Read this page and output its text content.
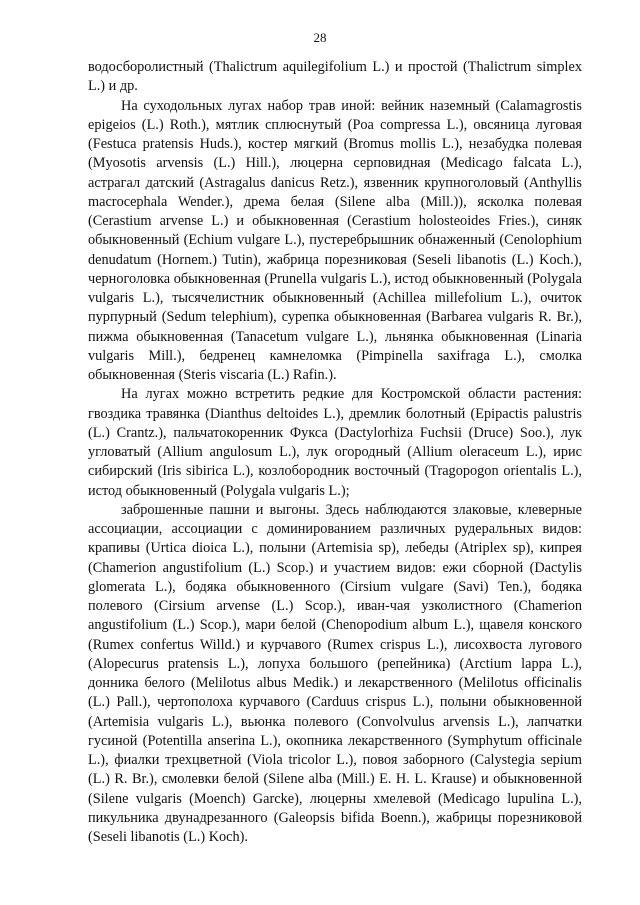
28

водосборолистный (Thalictrum aquilegifolium L.) и простой (Thalictrum simplex L.) и др.

На суходольных лугах набор трав иной: вейник наземный (Calamagrostis epigeios (L.) Roth.), мятлик сплюснутый (Poa compressa L.), овсяница луговая (Festuca pratensis Huds.), костер мягкий (Bromus mollis L.), незабудка полевая (Myosotis arvensis (L.) Hill.), люцерна серповидная (Medicago falcata L.), астрагал датский (Astragalus danicus Retz.), язвенник крупноголовый (Anthyllis macrocephala Wender.), дрема белая (Silene alba (Mill.)), ясколка полевая (Cerastium arvense L.) и обыкновенная (Cerastium holosteoides Fries.), синяк обыкновенный (Echium vulgare L.), пустеребрышник обнаженный (Cenolophium denudatum (Hornem.) Tutin), жабрица порезниковая (Seseli libanotis (L.) Koch.), черноголовка обыкновенная (Prunella vulgaris L.), истод обыкновенный (Polygala vulgaris L.), тысячелистник обыкновенный (Achillea millefolium L.), очиток пурпурный (Sedum telephium), сурепка обыкновенная (Barbarea vulgaris R. Br.), пижма обыкновенная (Tanacetum vulgare L.), льнянка обыкновенная (Linaria vulgaris Mill.), бедренец камнеломка (Pimpinella saxifraga L.), смолка обыкновенная (Steris viscaria (L.) Rafin.).

На лугах можно встретить редкие для Костромской области растения: гвоздика травянка (Dianthus deltoides L.), дремлик болотный (Epipactis palustris (L.) Crantz.), пальчатокоренник Фукса (Dactylorhiza Fuchsii (Druce) Soo.), лук угловатый (Allium angulosum L.), лук огородный (Allium oleraceum L.), ирис сибирский (Iris sibirica L.), козлобородник восточный (Tragopogon orientalis L.), истод обыкновенный (Polygala vulgaris L.);

заброшенные пашни и выгоны. Здесь наблюдаются злаковые, клеверные ассоциации, ассоциации с доминированием различных рудеральных видов: крапивы (Urtica dioica L.), полыни (Artemisia sp), лебеды (Atriplex sp), кипрея (Chamerion angustifolium (L.) Scop.) и участием видов: ежи сборной (Dactylis glomerata L.), бодяка обыкновенного (Cirsium vulgare (Savi) Ten.), бодяка полевого (Cirsium arvense (L.) Scop.), иван-чая узколистного (Chamerion angustifolium (L.) Scop.), мари белой (Chenopodium album L.), щавеля конского (Rumex confertus Willd.) и курчавого (Rumex crispus L.), лисохвоста лугового (Alopecurus pratensis L.), лопуха большого (репейника) (Arctium lappa L.), донника белого (Melilotus albus Medik.) и лекарственного (Melilotus officinalis (L.) Pall.), чертополоха курчавого (Carduus crispus L.), полыни обыкновенной (Artemisia vulgaris L.), вьюнка полевого (Convolvulus arvensis L.), лапчатки гусиной (Potentilla anserina L.), окопника лекарственного (Symphytum officinale L.), фиалки трехцветной (Viola tricolor L.), повоя заборного (Calystegia sepium (L.) R. Br.), смолевки белой (Silene alba (Mill.) E. H. L. Krause) и обыкновенной (Silene vulgaris (Moench) Garcke), люцерны хмелевой (Medicago lupulina L.), пикульника двунадрезанного (Galeopsis bifida Boenn.), жабрицы порезниковой (Seseli libanotis (L.) Koch).
